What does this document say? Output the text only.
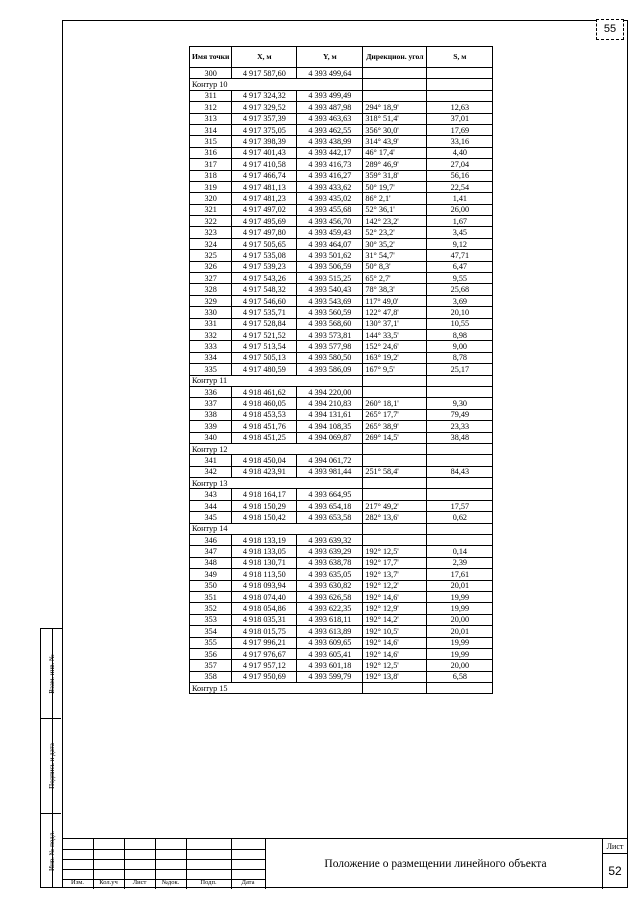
55
Взам. инв. №
Подпись и дата
Инв. № подл.
Имя точки	X, м	Y, м	Дирекцион. угол	S, м
300	4 917 587,60	4 393 499,64		
Контур 10				
311	4 917 324,32	4 393 499,49		
312	4 917 329,52	4 393 487,98	294° 18,9'	12,63
313	4 917 357,39	4 393 463,63	318° 51,4'	37,01
314	4 917 375,05	4 393 462,55	356° 30,0'	17,69
315	4 917 398,39	4 393 438,99	314° 43,9'	33,16
316	4 917 401,43	4 393 442,17	46° 17,4'	4,40
317	4 917 410,58	4 393 416,73	289° 46,9'	27,04
318	4 917 466,74	4 393 416,27	359° 31,8'	56,16
319	4 917 481,13	4 393 433,62	50° 19,7'	22,54
320	4 917 481,23	4 393 435,02	86° 2,1'	1,41
321	4 917 497,02	4 393 455,68	52° 36,1'	26,00
322	4 917 495,69	4 393 456,70	142° 23,2'	1,67
323	4 917 497,80	4 393 459,43	52° 23,2'	3,45
324	4 917 505,65	4 393 464,07	30° 35,2'	9,12
325	4 917 535,08	4 393 501,62	31° 54,7'	47,71
326	4 917 539,23	4 393 506,59	50° 8,3'	6,47
327	4 917 543,26	4 393 515,25	65° 2,7'	9,55
328	4 917 548,32	4 393 540,43	78° 38,3'	25,68
329	4 917 546,60	4 393 543,69	117° 49,0'	3,69
330	4 917 535,71	4 393 560,59	122° 47,8'	20,10
331	4 917 528,84	4 393 568,60	130° 37,1'	10,55
332	4 917 521,52	4 393 573,81	144° 33,5'	8,98
333	4 917 513,54	4 393 577,98	152° 24,6'	9,00
334	4 917 505,13	4 393 580,50	163° 19,2'	8,78
335	4 917 480,59	4 393 586,09	167° 9,5'	25,17
Контур 11				
336	4 918 461,62	4 394 220,00		
337	4 918 460,05	4 394 210,83	260° 18,1'	9,30
338	4 918 453,53	4 394 131,61	265° 17,7'	79,49
339	4 918 451,76	4 394 108,35	265° 38,9'	23,33
340	4 918 451,25	4 394 069,87	269° 14,5'	38,48
Контур 12				
341	4 918 450,04	4 394 061,72		
342	4 918 423,91	4 393 981,44	251° 58,4'	84,43
Контур 13				
343	4 918 164,17	4 393 664,95		
344	4 918 150,29	4 393 654,18	217° 49,2'	17,57
345	4 918 150,42	4 393 653,58	282° 13,6'	0,62
Контур 14				
346	4 918 133,19	4 393 639,32		
347	4 918 133,05	4 393 639,29	192° 12,5'	0,14
348	4 918 130,71	4 393 638,78	192° 17,7'	2,39
349	4 918 113,50	4 393 635,05	192° 13,7'	17,61
350	4 918 093,94	4 393 630,82	192° 12,2'	20,01
351	4 918 074,40	4 393 626,58	192° 14,6'	19,99
352	4 918 054,86	4 393 622,35	192° 12,9'	19,99
353	4 918 035,31	4 393 618,11	192° 14,2'	20,00
354	4 918 015,75	4 393 613,89	192° 10,5'	20,01
355	4 917 996,21	4 393 609,65	192° 14,6'	19,99
356	4 917 976,67	4 393 605,41	192° 14,6'	19,99
357	4 917 957,12	4 393 601,18	192° 12,5'	20,00
358	4 917 950,69	4 393 599,79	192° 13,8'	6,58
Контур 15				
Изм.	Кол.уч	Лист	№док.	Подп.	Дата
Положение о размещении линейного объекта
Лист
52
